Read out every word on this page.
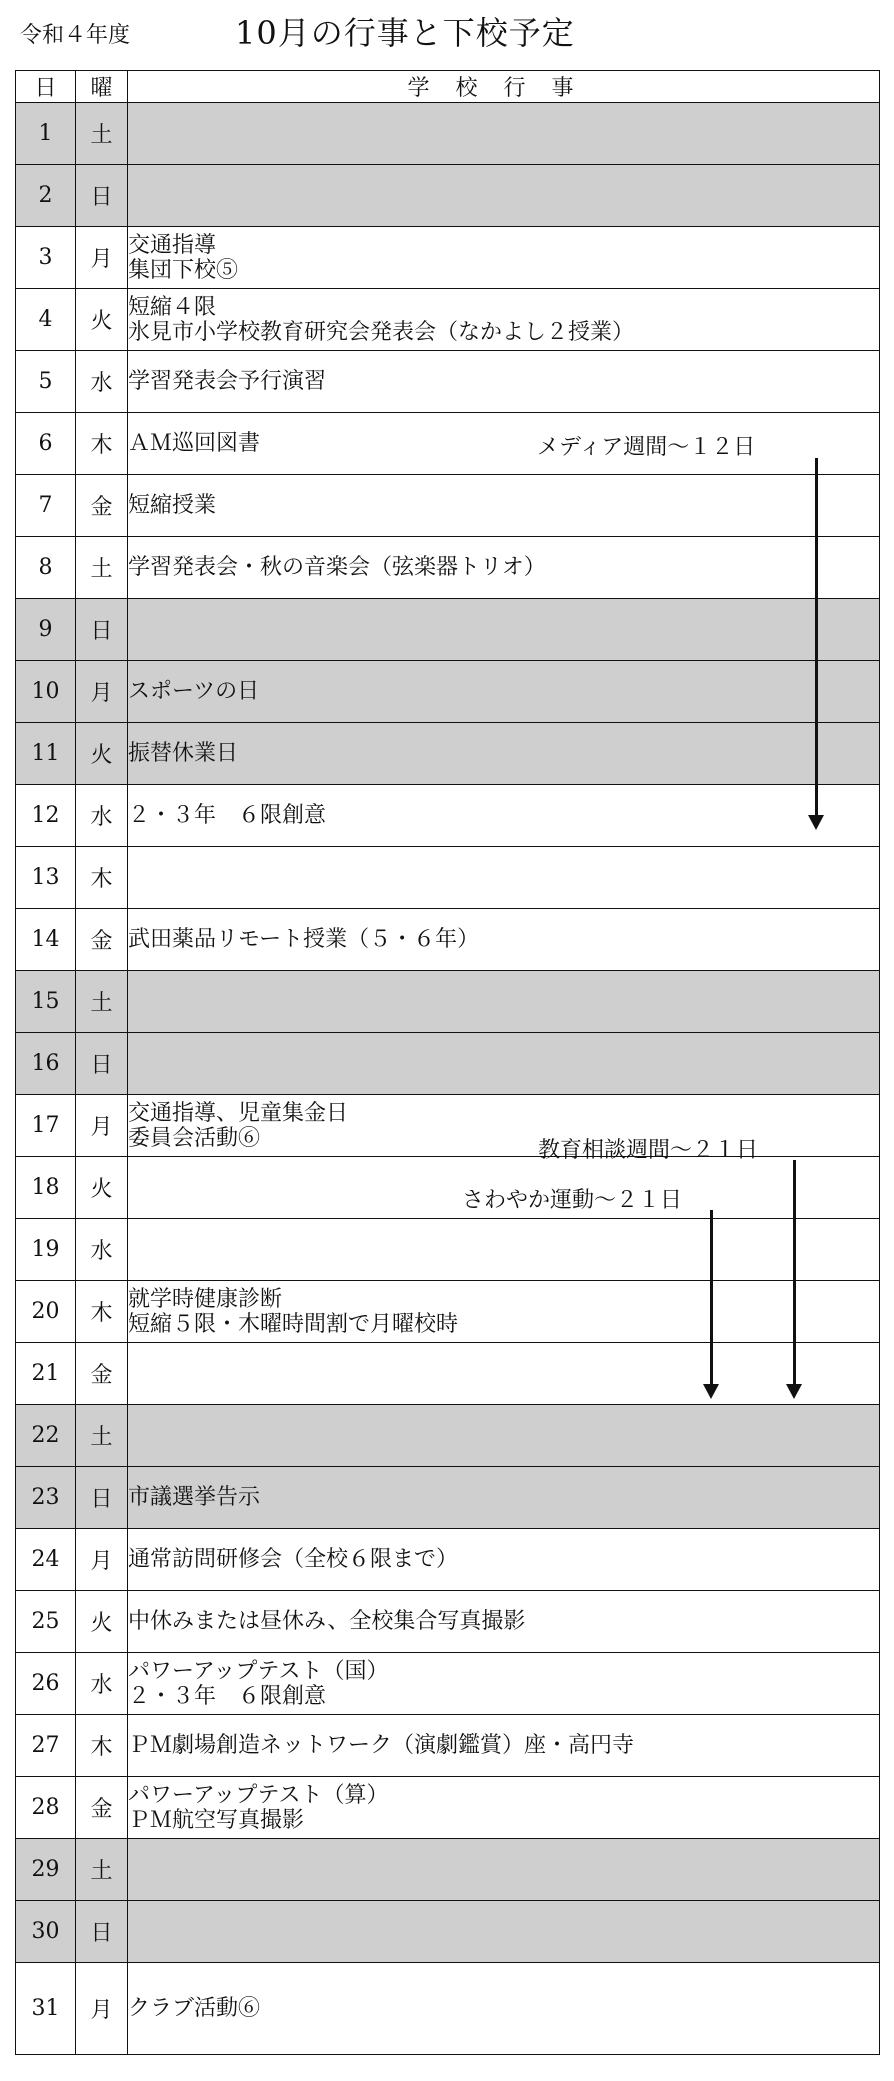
令和４年度	10月の行事と下校予定
日	曜	学校行事
1	土	
2	日	
3	月	交通指導
集団下校⑤

4	火	短縮４限
氷見市小学校教育研究会発表会（なかよし２授業）

5	水	学習発表会予行演習

6	木	ＡＭ巡回図書

7	金	短縮授業

8	土	学習発表会・秋の音楽会（弦楽器トリオ）

9	日	
10	月	スポーツの日

11	火	振替休業日

12	水	２・３年　６限創意

13	木	
14	金	武田薬品リモート授業（５・６年）

15	土	
16	日	
17	月	交通指導、児童集金日
委員会活動⑥

18	火	
19	水	
20	木	就学時健康診断
短縮５限・木曜時間割で月曜校時

21	金	
22	土	
23	日	市議選挙告示

24	月	通常訪問研修会（全校６限まで）

25	火	中休みまたは昼休み、全校集合写真撮影

26	水	パワーアップテスト（国）
２・３年　６限創意

27	木	ＰＭ劇場創造ネットワーク（演劇鑑賞）座・高円寺

28	金	パワーアップテスト（算）
ＰＭ航空写真撮影

29	土	
30	日	
31	月	クラブ活動⑥
メディア週間～１２日
教育相談週間～２１日
さわやか運動～２１日
